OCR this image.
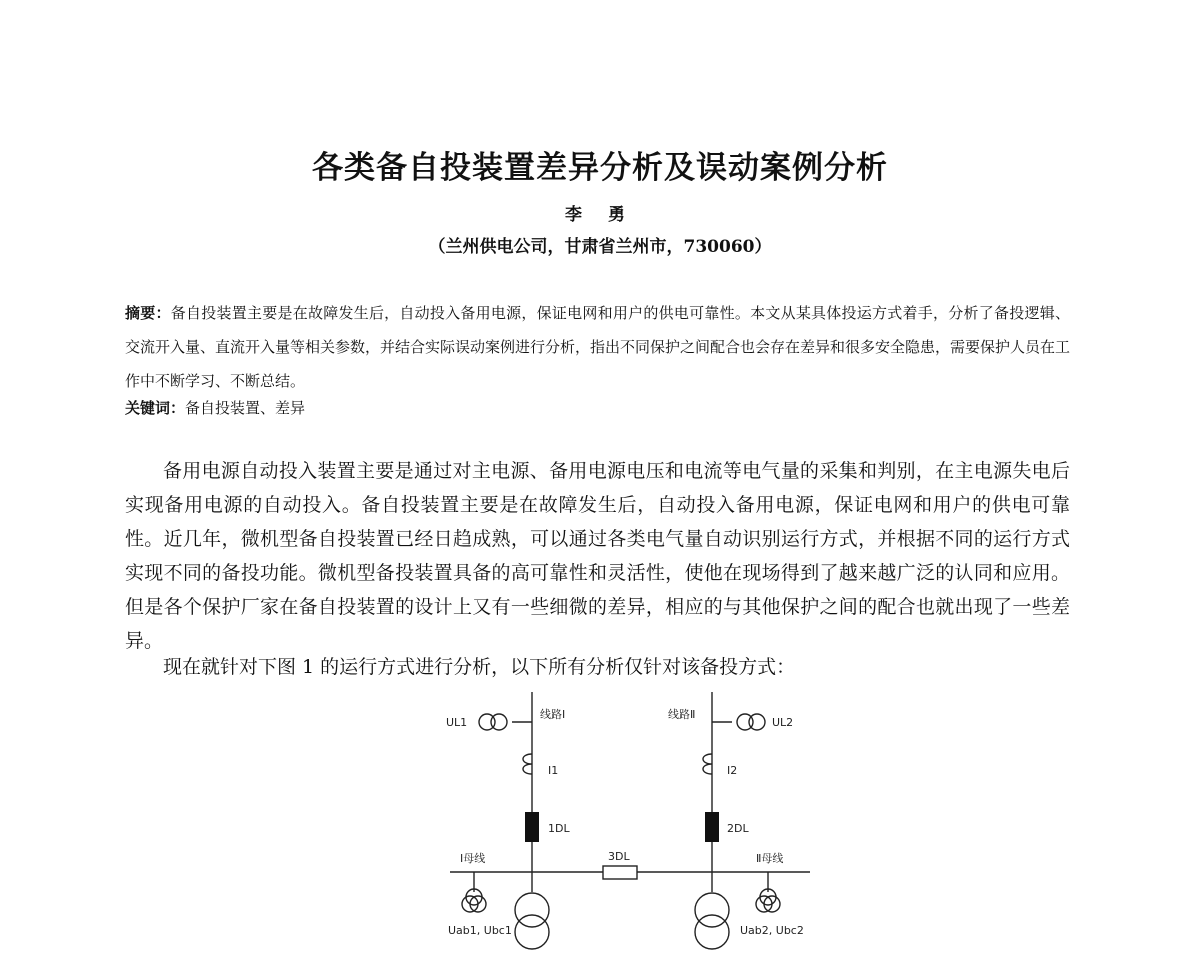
各类备自投装置差异分析及误动案例分析
李 勇
（兰州供电公司，甘肃省兰州市，730060）

摘要：备自投装置主要是在故障发生后，自动投入备用电源，保证电网和用户的供电可靠性。本文从某具体投运方式着手，分析了备投逻辑、交流开入量、直流开入量等相关参数，并结合实际误动案例进行分析，指出不同保护之间配合也会存在差异和很多安全隐患，需要保护人员在工作中不断学习、不断总结。

关键词：备自投装置、差异

备用电源自动投入装置主要是通过对主电源、备用电源电压和电流等电气量的采集和判别，在主电源失电后实现备用电源的自动投入。备自投装置主要是在故障发生后，自动投入备用电源，保证电网和用户的供电可靠性。近几年，微机型备自投装置已经日趋成熟，可以通过各类电气量自动识别运行方式，并根据不同的运行方式实现不同的备投功能。微机型备投装置具备的高可靠性和灵活性，使他在现场得到了越来越广泛的认同和应用。但是各个保护厂家在备自投装置的设计上又有一些细微的差异，相应的与其他保护之间的配合也就出现了一些差异。

现在就针对下图 1 的运行方式进行分析，以下所有分析仅针对该备投方式：

线路Ⅰ	线路Ⅱ
UL1	UL2
I1	I2
1DL	2DL
3DL
Ⅰ母线	Ⅱ母线
Uab1, Ubc1	Uab2, Ubc2
